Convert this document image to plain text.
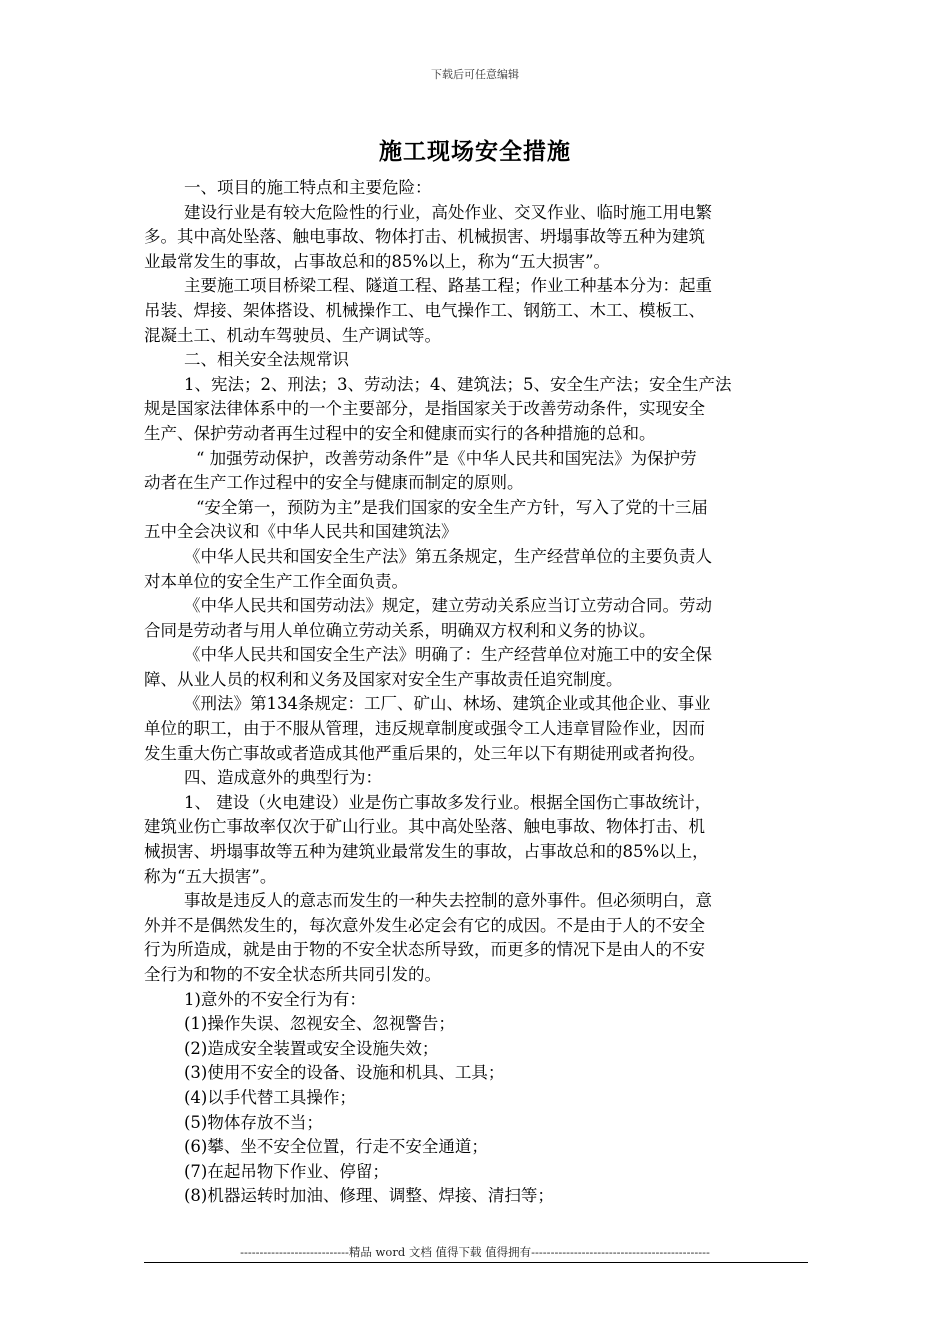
下载后可任意编辑
施工现场安全措施
一、项目的施工特点和主要危险：
建设行业是有较大危险性的行业，高处作业、交叉作业、临时施工用电繁
多。其中高处坠落、触电事故、物体打击、机械损害、坍塌事故等五种为建筑
业最常发生的事故，占事故总和的85%以上，称为“五大损害”。
主要施工项目桥梁工程、隧道工程、路基工程；作业工种基本分为：起重
吊装、焊接、架体搭设、机械操作工、电气操作工、钢筋工、木工、模板工、
混凝土工、机动车驾驶员、生产调试等。
二、相关安全法规常识
1、宪法；2、刑法；3、劳动法；4、建筑法；5、安全生产法；安全生产法
规是国家法律体系中的一个主要部分，是指国家关于改善劳动条件，实现安全
生产、保护劳动者再生过程中的安全和健康而实行的各种措施的总和。
“ 加强劳动保护，改善劳动条件”是《中华人民共和国宪法》为保护劳
动者在生产工作过程中的安全与健康而制定的原则。
“安全第一，预防为主”是我们国家的安全生产方针，写入了党的十三届
五中全会决议和《中华人民共和国建筑法》
《中华人民共和国安全生产法》第五条规定，生产经营单位的主要负责人
对本单位的安全生产工作全面负责。
《中华人民共和国劳动法》规定，建立劳动关系应当订立劳动合同。劳动
合同是劳动者与用人单位确立劳动关系，明确双方权利和义务的协议。
《中华人民共和国安全生产法》明确了：生产经营单位对施工中的安全保
障、从业人员的权利和义务及国家对安全生产事故责任追究制度。
《刑法》第134条规定：工厂、矿山、林场、建筑企业或其他企业、事业
单位的职工，由于不服从管理，违反规章制度或强令工人违章冒险作业，因而
发生重大伤亡事故或者造成其他严重后果的，处三年以下有期徒刑或者拘役。
四、造成意外的典型行为：
1、 建设（火电建设）业是伤亡事故多发行业。根据全国伤亡事故统计，
建筑业伤亡事故率仅次于矿山行业。其中高处坠落、触电事故、物体打击、机
械损害、坍塌事故等五种为建筑业最常发生的事故，占事故总和的85%以上，
称为“五大损害”。
事故是违反人的意志而发生的一种失去控制的意外事件。但必须明白，意
外并不是偶然发生的，每次意外发生必定会有它的成因。不是由于人的不安全
行为所造成，就是由于物的不安全状态所导致，而更多的情况下是由人的不安
全行为和物的不安全状态所共同引发的。
1)意外的不安全行为有：
(1)操作失误、忽视安全、忽视警告；
(2)造成安全装置或安全设施失效；
(3)使用不安全的设备、设施和机具、工具；
(4)以手代替工具操作；
(5)物体存放不当；
(6)攀、坐不安全位置，行走不安全通道；
(7)在起吊物下作业、停留；
(8)机器运转时加油、修理、调整、焊接、清扫等；
----------------------------精品 word 文档 值得下载 值得拥有----------------------------------------------
